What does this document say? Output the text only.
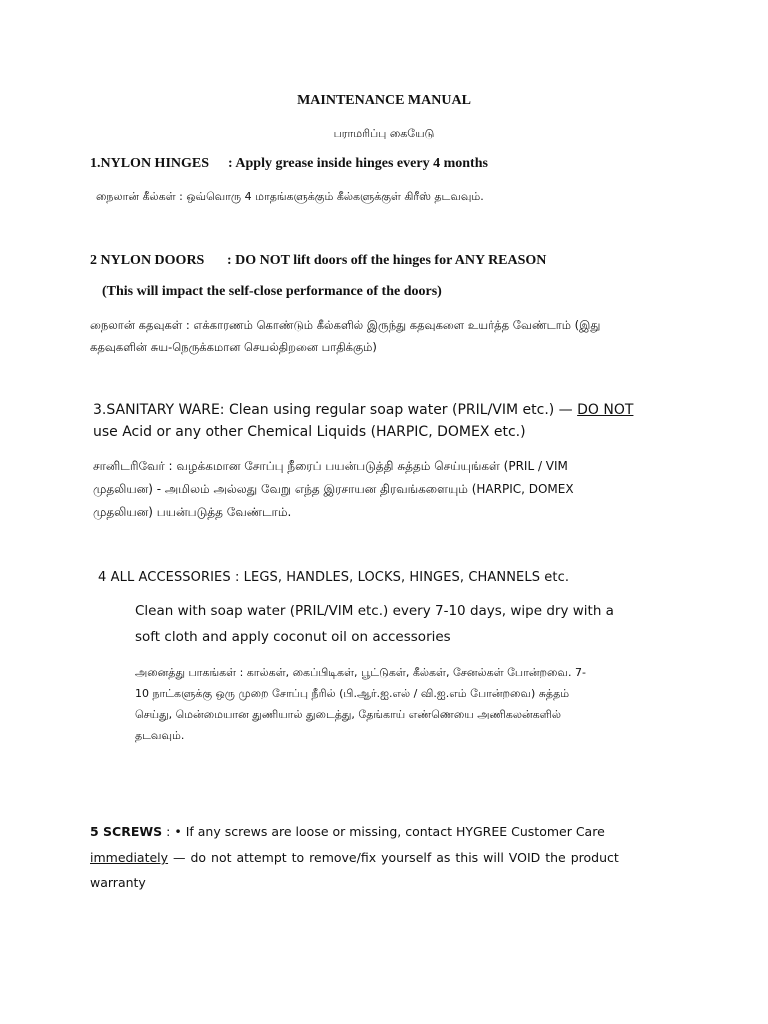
MAINTENANCE MANUAL
பராமரிப்பு கையேடு
1.NYLON HINGES : Apply grease inside hinges every 4 months
நைலான் கீல்கள் : ஒவ்வொரு 4 மாதங்களுக்கும் கீல்களுக்குள் கிரீஸ் தடவவும்.
2 NYLON DOORS : DO NOT lift doors off the hinges for ANY REASON
(This will impact the self-close performance of the doors)
நைலான் கதவுகள் : எக்காரணம் கொண்டும் கீல்களில் இருந்து கதவுகளை உயர்த்த வேண்டாம் (இது
கதவுகளின் சுய-நெருக்கமான செயல்திறனை பாதிக்கும்)
3.SANITARY WARE: Clean using regular soap water (PRIL/VIM etc.) — DO NOT
use Acid or any other Chemical Liquids (HARPIC, DOMEX etc.)
சானிடரிவேர் : வழக்கமான சோப்பு நீரைப் பயன்படுத்தி சுத்தம் செய்யுங்கள் (PRIL / VIM
முதலியன) - அமிலம் அல்லது வேறு எந்த இரசாயன திரவங்களையும் (HARPIC, DOMEX
முதலியன) பயன்படுத்த வேண்டாம்.
4 ALL ACCESSORIES : LEGS, HANDLES, LOCKS, HINGES, CHANNELS etc.
Clean with soap water (PRIL/VIM etc.) every 7-10 days, wipe dry with a
soft cloth and apply coconut oil on accessories
அனைத்து பாகங்கள் : கால்கள், கைப்பிடிகள், பூட்டுகள், கீல்கள், சேனல்கள் போன்றவை. 7-
10 நாட்களுக்கு ஒரு முறை சோப்பு நீரில் (பி.ஆர்.ஐ.எல் / வி.ஐ.எம் போன்றவை) சுத்தம்
செய்து, மென்மையான துணியால் துடைத்து, தேங்காய் எண்ணெயை அணிகலன்களில்
தடவவும்.
5 SCREWS : • If any screws are loose or missing, contact HYGREE Customer Care
immediately — do not attempt to remove/fix yourself as this will VOID the product
warranty
